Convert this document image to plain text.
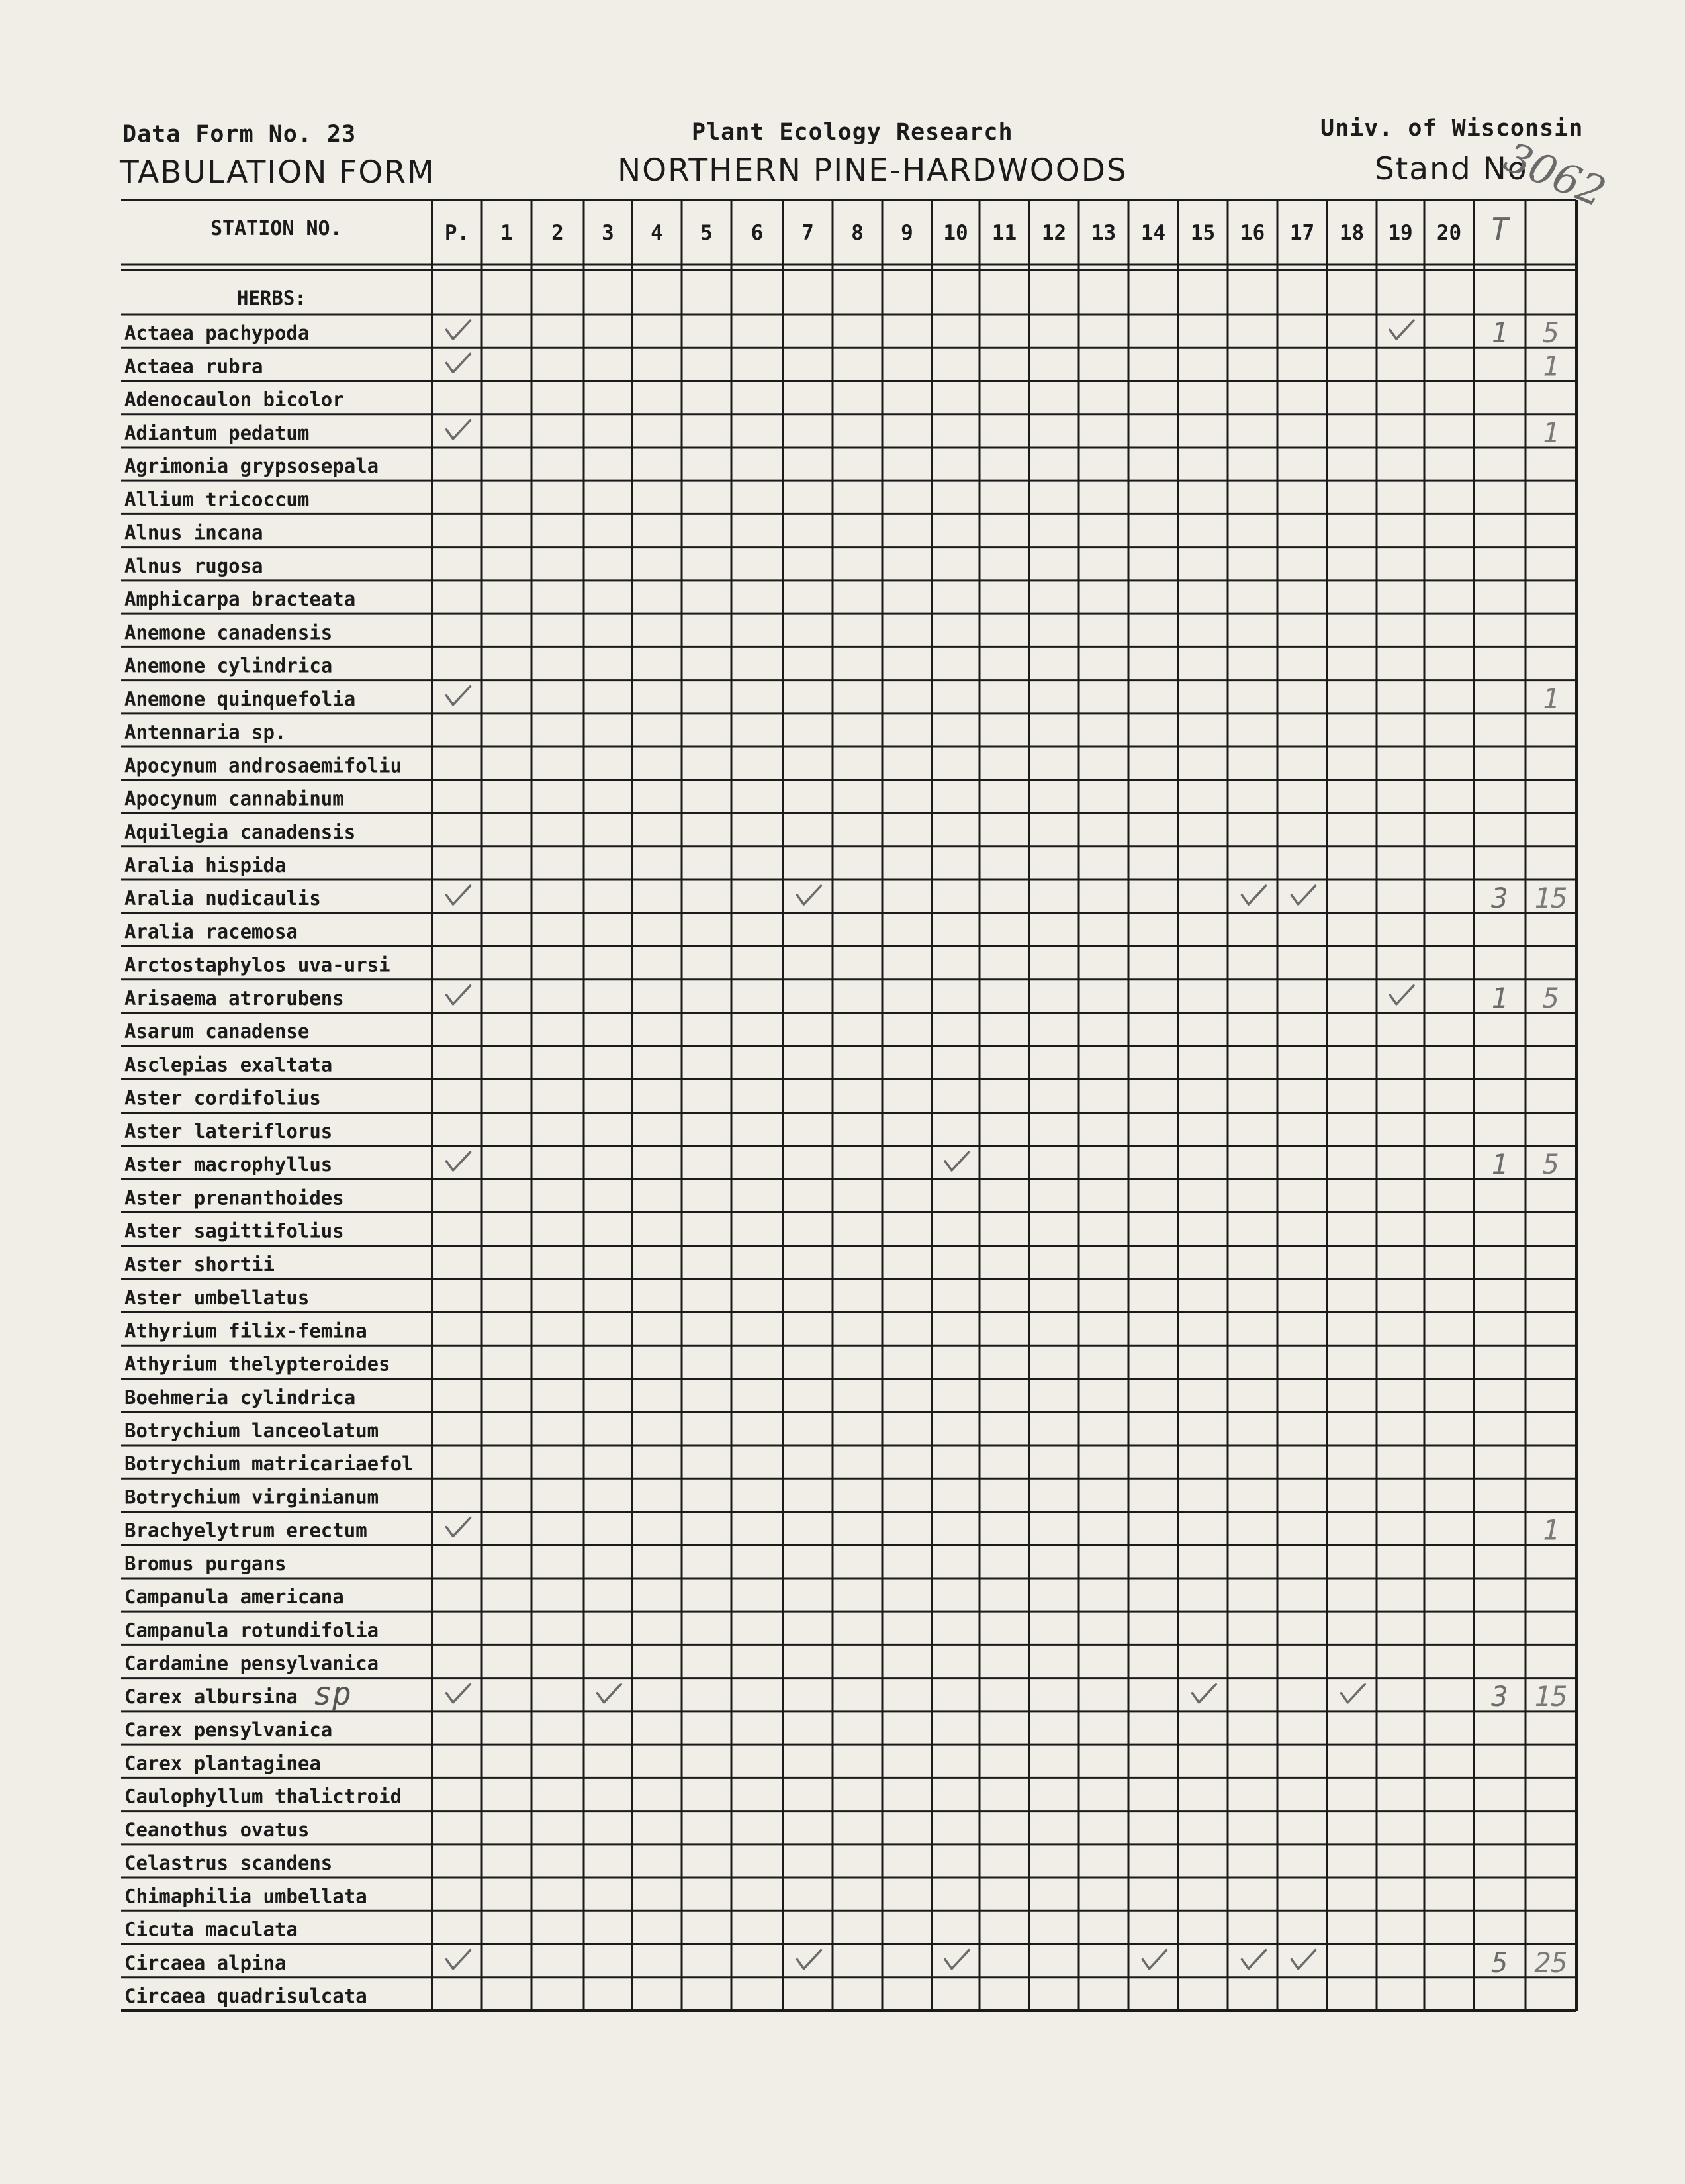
Data Form No. 23
TABULATION FORM
Plant Ecology Research
NORTHERN PINE-HARDWOODS
Univ. of Wisconsin
Stand No.
3062
STATION NO.	P. 1 2 3 4 5 6 7 8 9 10 11 12 13 14 15 16 17 18 19 20 T
HERBS:
Actaea pachypoda
Actaea rubra
Adenocaulon bicolor
Adiantum pedatum
Agrimonia grypsosepala
Allium tricoccum
Alnus incana
Alnus rugosa
Amphicarpa bracteata
Anemone canadensis
Anemone cylindrica
Anemone quinquefolia
Antennaria sp.
Apocynum androsaemifoliu
Apocynum cannabinum
Aquilegia canadensis
Aralia hispida
Aralia nudicaulis
Aralia racemosa
Arctostaphylos uva-ursi
Arisaema atrorubens
Asarum canadense
Asclepias exaltata
Aster cordifolius
Aster lateriflorus
Aster macrophyllus
Aster prenanthoides
Aster sagittifolius
Aster shortii
Aster umbellatus
Athyrium filix-femina
Athyrium thelypteroides
Boehmeria cylindrica
Botrychium lanceolatum
Botrychium matricariaefol
Botrychium virginianum
Brachyelytrum erectum
Bromus purgans
Campanula americana
Campanula rotundifolia
Cardamine pensylvanica
Carex albursina sp
Carex pensylvanica
Carex plantaginea
Caulophyllum thalictroid
Ceanothus ovatus
Celastrus scandens
Chimaphilia umbellata
Cicuta maculata
Circaea alpina
Circaea quadrisulcata
1 5
1
1
1
3 15
1 5
1 5
1
3 15
5 25
